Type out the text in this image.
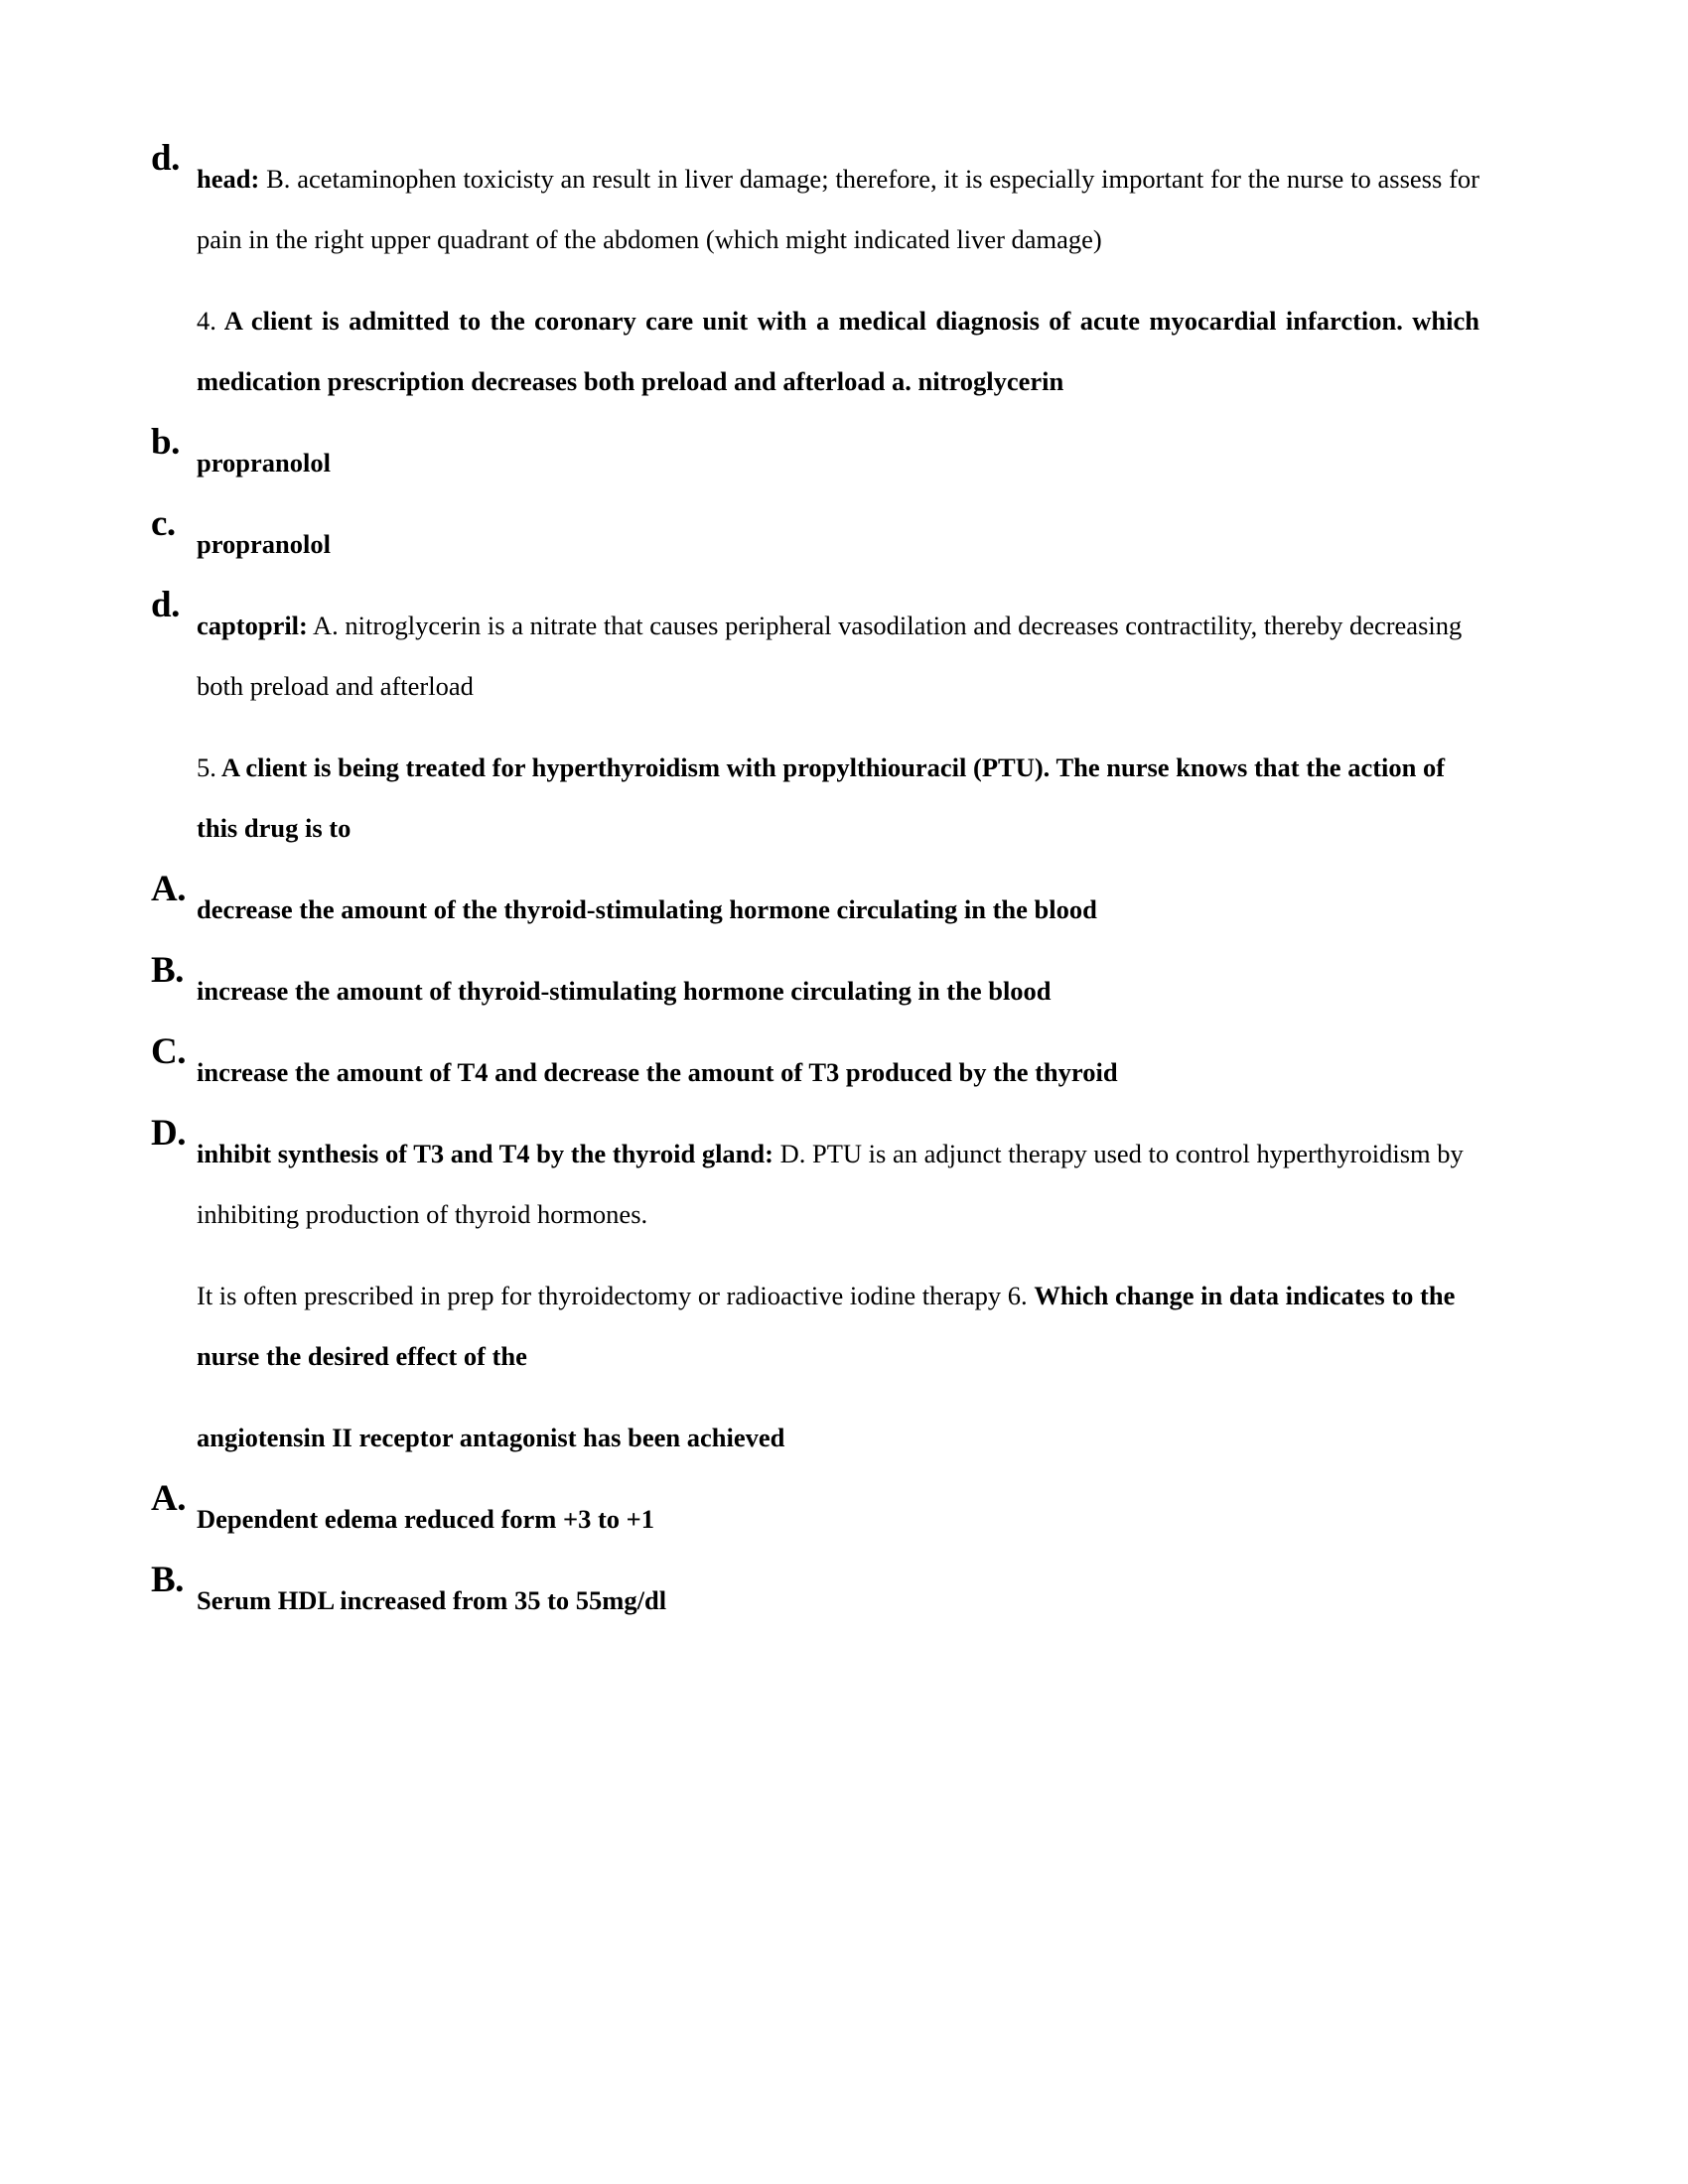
d. head: B. acetaminophen toxicisty an result in liver damage; therefore, it is especially important for the nurse to assess for pain in the right upper quadrant of the abdomen (which might indicated liver damage)

4. A client is admitted to the coronary care unit with a medical diagnosis of acute myocardial infarction. which medication prescription decreases both preload and afterload a. nitroglycerin

b. propranolol

c. propranolol

d. captopril: A. nitroglycerin is a nitrate that causes peripheral vasodilation and decreases contractility, thereby decreasing both preload and afterload

5. A client is being treated for hyperthyroidism with propylthiouracil (PTU). The nurse knows that the action of this drug is to

A. decrease the amount of the thyroid-stimulating hormone circulating in the blood

B. increase the amount of thyroid-stimulating hormone circulating in the blood

C. increase the amount of T4 and decrease the amount of T3 produced by the thyroid

D. inhibit synthesis of T3 and T4 by the thyroid gland: D. PTU is an adjunct therapy used to control hyperthyroidism by inhibiting production of thyroid hormones.

It is often prescribed in prep for thyroidectomy or radioactive iodine therapy 6. Which change in data indicates to the nurse the desired effect of the

angiotensin II receptor antagonist has been achieved

A. Dependent edema reduced form +3 to +1

B. Serum HDL increased from 35 to 55mg/dl
